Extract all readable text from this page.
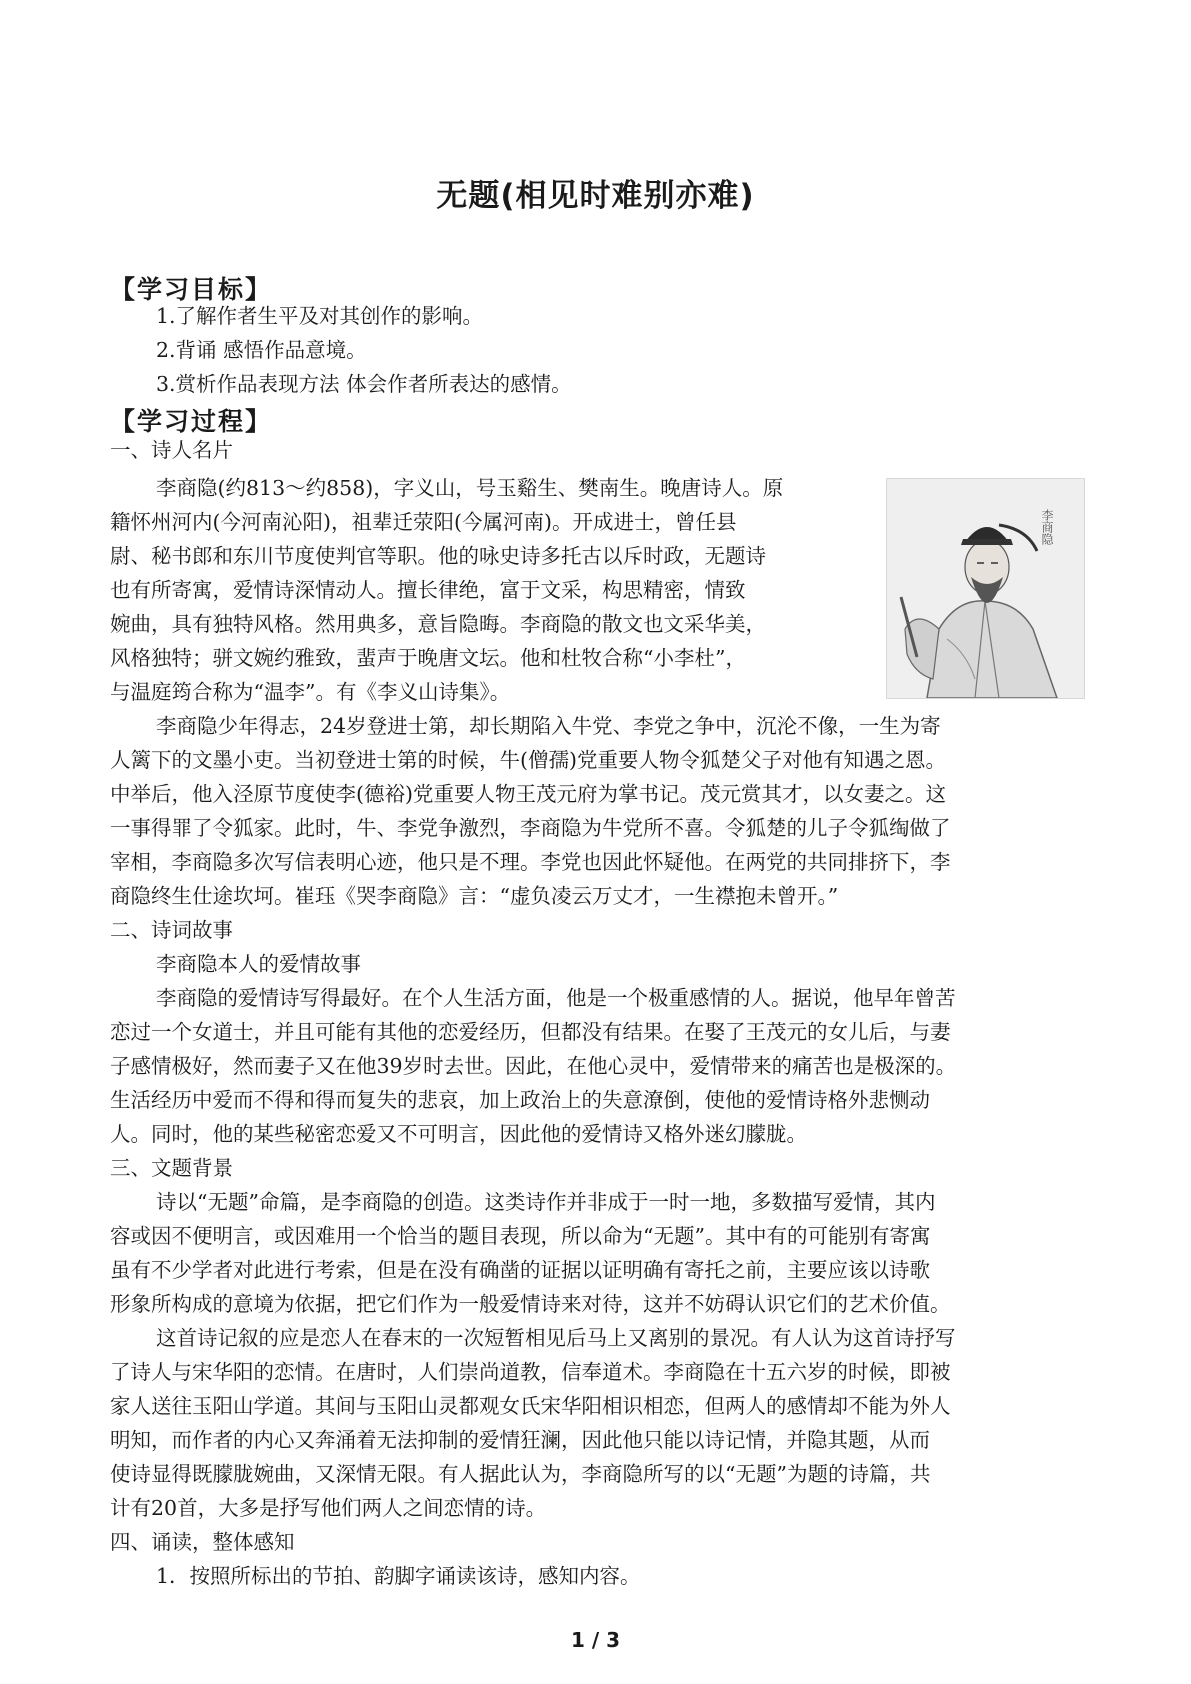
无题(相见时难别亦难)
【学习目标】
1.了解作者生平及对其创作的影响。
2.背诵 感悟作品意境。
3.赏析作品表现方法 体会作者所表达的感情。
【学习过程】
一、诗人名片
李商隐(约813～约858)，字义山，号玉谿生、樊南生。晚唐诗人。原
籍怀州河内(今河南沁阳)，祖辈迁荥阳(今属河南)。开成进士，曾任县
尉、秘书郎和东川节度使判官等职。他的咏史诗多托古以斥时政，无题诗
也有所寄寓，爱情诗深情动人。擅长律绝，富于文采，构思精密，情致
婉曲，具有独特风格。然用典多，意旨隐晦。李商隐的散文也文采华美，
风格独特；骈文婉约雅致，蜚声于晚唐文坛。他和杜牧合称“小李杜”，
与温庭筠合称为“温李”。有《李义山诗集》。
李商隐
李商隐少年得志，24岁登进士第，却长期陷入牛党、李党之争中，沉沦不像，一生为寄
人篱下的文墨小吏。当初登进士第的时候，牛(僧孺)党重要人物令狐楚父子对他有知遇之恩。
中举后，他入泾原节度使李(德裕)党重要人物王茂元府为掌书记。茂元赏其才，以女妻之。这
一事得罪了令狐家。此时，牛、李党争激烈，李商隐为牛党所不喜。令狐楚的儿子令狐绹做了
宰相，李商隐多次写信表明心迹，他只是不理。李党也因此怀疑他。在两党的共同排挤下，李
商隐终生仕途坎坷。崔珏《哭李商隐》言：“虚负凌云万丈才，一生襟抱未曾开。”
二、诗词故事
李商隐本人的爱情故事
李商隐的爱情诗写得最好。在个人生活方面，他是一个极重感情的人。据说，他早年曾苦
恋过一个女道士，并且可能有其他的恋爱经历，但都没有结果。在娶了王茂元的女儿后，与妻
子感情极好，然而妻子又在他39岁时去世。因此，在他心灵中，爱情带来的痛苦也是极深的。
生活经历中爱而不得和得而复失的悲哀，加上政治上的失意潦倒，使他的爱情诗格外悲恻动
人。同时，他的某些秘密恋爱又不可明言，因此他的爱情诗又格外迷幻朦胧。
三、文题背景
诗以“无题”命篇，是李商隐的创造。这类诗作并非成于一时一地，多数描写爱情，其内
容或因不便明言，或因难用一个恰当的题目表现，所以命为“无题”。其中有的可能别有寄寓
虽有不少学者对此进行考索，但是在没有确凿的证据以证明确有寄托之前，主要应该以诗歌
形象所构成的意境为依据，把它们作为一般爱情诗来对待，这并不妨碍认识它们的艺术价值。
这首诗记叙的应是恋人在春末的一次短暂相见后马上又离别的景况。有人认为这首诗抒写
了诗人与宋华阳的恋情。在唐时，人们崇尚道教，信奉道术。李商隐在十五六岁的时候，即被
家人送往玉阳山学道。其间与玉阳山灵都观女氏宋华阳相识相恋，但两人的感情却不能为外人
明知，而作者的内心又奔涌着无法抑制的爱情狂澜，因此他只能以诗记情，并隐其题，从而
使诗显得既朦胧婉曲，又深情无限。有人据此认为，李商隐所写的以“无题”为题的诗篇，共
计有20首，大多是抒写他们两人之间恋情的诗。
四、诵读，整体感知
1．按照所标出的节拍、韵脚字诵读该诗，感知内容。
1 / 3
